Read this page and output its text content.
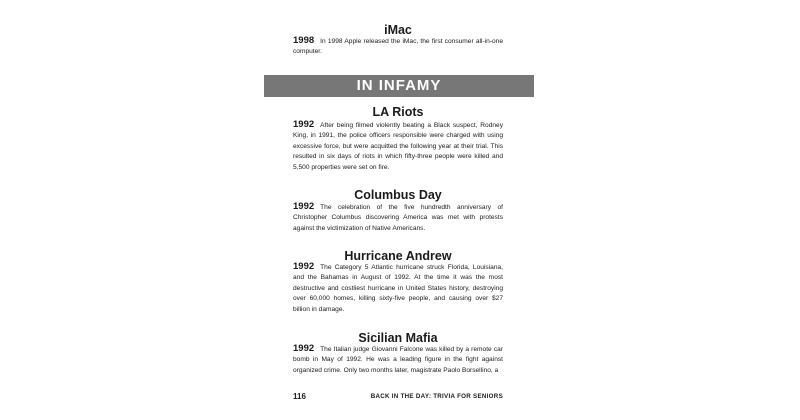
iMac

1998 In 1998 Apple released the iMac, the first consumer all-in-one computer.

LA Riots

1992 After being filmed violently beating a Black suspect, Rodney King, in 1991, the police officers responsible were charged with using excessive force, but were acquitted the following year at their trial. This resulted in six days of riots in which fifty-three people were killed and 5,500 properties were set on fire.

Columbus Day

1992 The celebration of the five hundredth anniversary of Christopher Columbus discovering America was met with protests against the victimization of Native Americans.

Hurricane Andrew

1992 The Category 5 Atlantic hurricane struck Florida, Louisiana, and the Bahamas in August of 1992. At the time it was the most destructive and costliest hurricane in United States history, destroying over 60,000 homes, killing sixty-five people, and causing over $27 billion in damage.

Sicilian Mafia

1992 The Italian judge Giovanni Falcone was killed by a remote car bomb in May of 1992. He was a leading figure in the fight against organized crime. Only two months later, magistrate Paolo Borsellino, a

IN INFAMY
116	BACK IN THE DAY: TRIVIA FOR SENIORS
